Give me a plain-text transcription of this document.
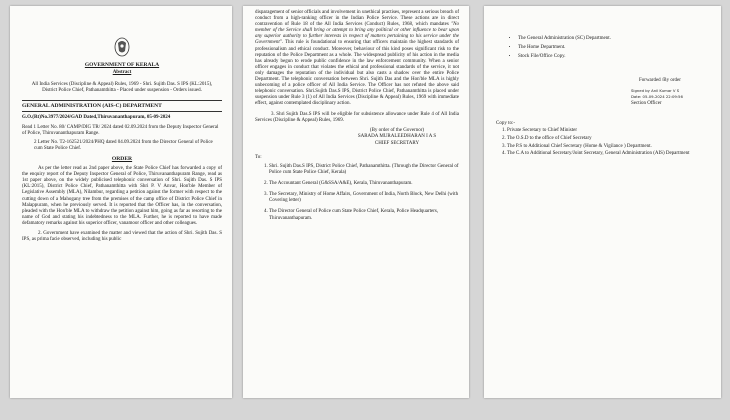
GOVERNMENT OF KERALA
Abstract
All India Services (Discipline & Appeal) Rules, 1969 - Shri. Sujith Das. S IPS (KL:2015), District Police Chief, Pathanamthitta - Placed under suspension - Orders issued.
GENERAL ADMINISTRATION (AIS-C) DEPARTMENT
G.O.(Rt)No.3977/2024/GAD Dated,Thiruvananthapuram, 05-09-2024
Read 1 Letter No. 80/ CAMP/DIG TR/ 2024 dated 02.09.2024 from the Deputy Inspector General of Police, Thiruvananthapuram Range.
2 Letter No. T2-162521/2024/PHQ dated 04.09.2024 from the Director General of Police cum State Police Chief.
ORDER
As per the letter read as 2nd paper above, the State Police Chief has forwarded a copy of the enquiry report of the Deputy Inspector General of Police, Thiruvananthapuram Range, read as 1st paper above, on the widely publicised telephonic conversation of Shri. Sujith Das. S IPS (KL:2015), District Police Chief, Pathanamthitta with Shri P. V Anvar, Hon'ble Member of Legislative Assembly (MLA), Nilambur, regarding a petition against the former with respect to the cutting down of a Mahogany tree from the premises of the camp office of District Police Chief in Malappuram, when he previously served. It is reported that the Officer has, in the conversation, pleaded with the Hon'ble MLA to withdraw the petition against him, going as far as resorting to the name of God and stating his indebtedness to the MLA. Further, he is reported to have made defamatory remarks against his superior officer, vanamoor officer and other colleagues.
2. Government have examined the matter and viewed that the action of Shri. Sujith Das. S IPS, as prima facie observed, including his public
disparagement of senior officials and involvement in unethical practises, represent a serious breach of conduct from a high-ranking officer in the Indian Police Service. These actions are in direct contravention of Rule 18 of the All India Services (Conduct) Rules, 1968, which mandates "No member of the Service shall bring or attempt to bring any political or other influence to bear upon any superior authority to further interests in respect of matters pertaining to his service under the Government". This rule is foundational to ensuring that officers maintain the highest standards of professionalism and ethical conduct. Moreover, behaviour of this kind poses significant risk to the reputation of the Police Department as a whole. The widespread publicity of his action in the media has already begun to erode public confidence in the law enforcement community. When a senior officer engages in conduct that violates the ethical and professional standards of the service, it not only damages the reputation of the individual but also casts a shadow over the entire Police Department. The telephonic conversation between Shri. Sujith Das and the Hon'ble MLA is highly unbecoming of a police officer of All India Service. The Officer has not refuted the above said telephonic conversation. Shri.Sujith Das.S IPS, District Police Chief, Pathanamthitta is placed under suspension under Rule 3 (1) of All India Services (Discipline & Appeal) Rules, 1969 with immediate effect, against contemplated disciplinary action.
3. Shri Sujith Das.S IPS will be eligible for subsistence allowance under Rule 4 of All India Services (Discipline & Appeal) Rules, 1969.
(By order of the Governor)
SARADA MURALEEDHARAN I A S
CHIEF SECRETARY
To:
1. Shri. Sujith Das.S IPS, District Police Chief, Pathanamthitta. (Through the Director General of Police cum State Police Chief, Kerala)
2. The Accountant General (G&SSA/A&E), Kerala, Thiruvananthapuram.
3. The Secretary, Ministry of Home Affairs, Government of India, North Block, New Delhi (with Covering letter)
4. The Director General of Police cum State Police Chief, Kerala, Police Headquarters, Thiruvananthapuram.
• The General Administration (SC) Department.
• The Home Department.
• Stock File/Office Copy.
Forwarded /By order
Signed by Anil Kumar V S
Date: 05-09-2024 22:09:56
Section Officer
Copy to:-
1. Private Secretary to Chief Minister
2. The O.S.D to the office of Chief Secretary
3. The P.S to Additional Chief Secretary (Home & Vigilance ) Department.
4. The C.A to Additional Secretary/Joint Secretary, General Administration (AIS) Department
